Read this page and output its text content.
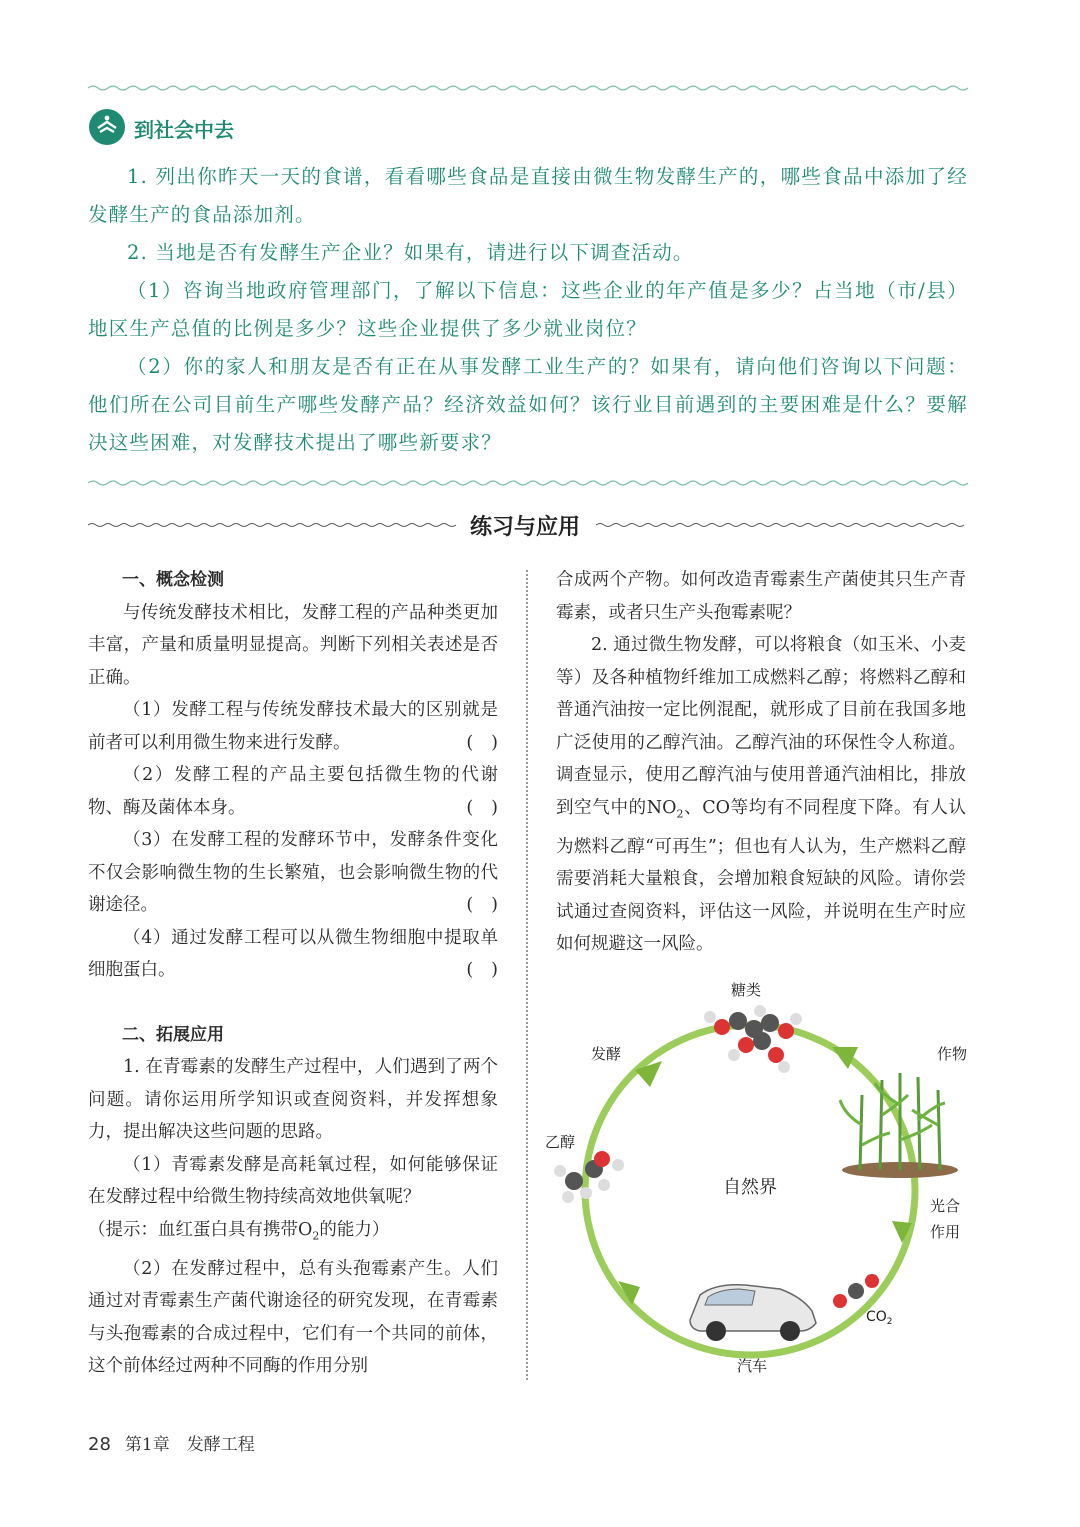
到社会中去

1. 列出你昨天一天的食谱，看看哪些食品是直接由微生物发酵生产的，哪些食品中添加了经发酵生产的食品添加剂。

2. 当地是否有发酵生产企业？如果有，请进行以下调查活动。

（1）咨询当地政府管理部门，了解以下信息：这些企业的年产值是多少？占当地（市/县）地区生产总值的比例是多少？这些企业提供了多少就业岗位？

（2）你的家人和朋友是否有正在从事发酵工业生产的？如果有，请向他们咨询以下问题：他们所在公司目前生产哪些发酵产品？经济效益如何？该行业目前遇到的主要困难是什么？要解决这些困难，对发酵技术提出了哪些新要求？

练习与应用
一、概念检测

与传统发酵技术相比，发酵工程的产品种类更加丰富，产量和质量明显提高。判断下列相关表述是否正确。

（1）发酵工程与传统发酵技术最大的区别就是前者可以利用微生物来进行发酵。	()

（2）发酵工程的产品主要包括微生物的代谢物、酶及菌体本身。	()

（3）在发酵工程的发酵环节中，发酵条件变化不仅会影响微生物的生长繁殖，也会影响微生物的代谢途径。	()

（4）通过发酵工程可以从微生物细胞中提取单细胞蛋白。	()

二、拓展应用

1. 在青霉素的发酵生产过程中，人们遇到了两个问题。请你运用所学知识或查阅资料，并发挥想象力，提出解决这些问题的思路。

（1）青霉素发酵是高耗氧过程，如何能够保证在发酵过程中给微生物持续高效地供氧呢？

（提示：血红蛋白具有携带$O_2$的能力）

（2）在发酵过程中，总有头孢霉素产生。人们通过对青霉素生产菌代谢途径的研究发现，在青霉素与头孢霉素的合成过程中，它们有一个共同的前体，这个前体经过两种不同酶的作用分别

合成两个产物。如何改造青霉素生产菌使其只生产青霉素，或者只生产头孢霉素呢？

2. 通过微生物发酵，可以将粮食（如玉米、小麦等）及各种植物纤维加工成燃料乙醇；将燃料乙醇和普通汽油按一定比例混配，就形成了目前在我国多地广泛使用的乙醇汽油。乙醇汽油的环保性令人称道。调查显示，使用乙醇汽油与使用普通汽油相比，排放到空气中的$NO_2$、CO等均有不同程度下降。有人认为燃料乙醇“可再生”；但也有人认为，生产燃料乙醇需要消耗大量粮食，会增加粮食短缺的风险。请你尝试通过查阅资料，评估这一风险，并说明在生产时应如何规避这一风险。

自然界
糖类
发酵	作物
乙醇
光合
作用
$CO_2$
汽车
28 第1章　发酵工程
